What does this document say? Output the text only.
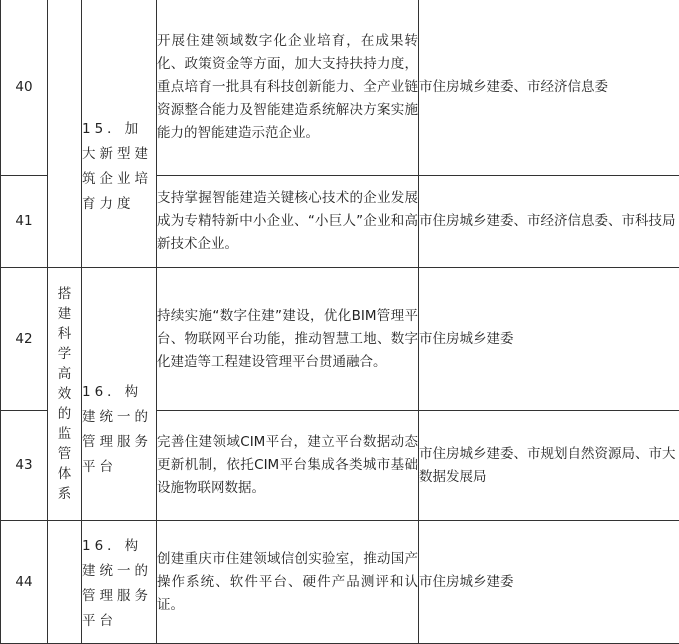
40		15．加大新型建筑企业培育力度	开展住建领域数字化企业培育，在成果转化、政策资金等方面，加大支持扶持力度，重点培育一批具有科技创新能力、全产业链资源整合能力及智能建造系统解决方案实施能力的智能建造示范企业。	市住房城乡建委、市经济信息委
41			支持掌握智能建造关键核心技术的企业发展成为专精特新中小企业、“小巨人”企业和高新技术企业。	市住房城乡建委、市经济信息委、市科技局
42	搭建科学高效的监管体系	16．构建统一的管理服务平台	持续实施“数字住建”建设，优化BIM管理平台、物联网平台功能，推动智慧工地、数字化建造等工程建设管理平台贯通融合。	市住房城乡建委
43			完善住建领域CIM平台，建立平台数据动态更新机制，依托CIM平台集成各类城市基础设施物联网数据。	市住房城乡建委、市规划自然资源局、市大数据发展局
44		16．构建统一的管理服务平台	创建重庆市住建领域信创实验室，推动国产操作系统、软件平台、硬件产品测评和认证。	市住房城乡建委
